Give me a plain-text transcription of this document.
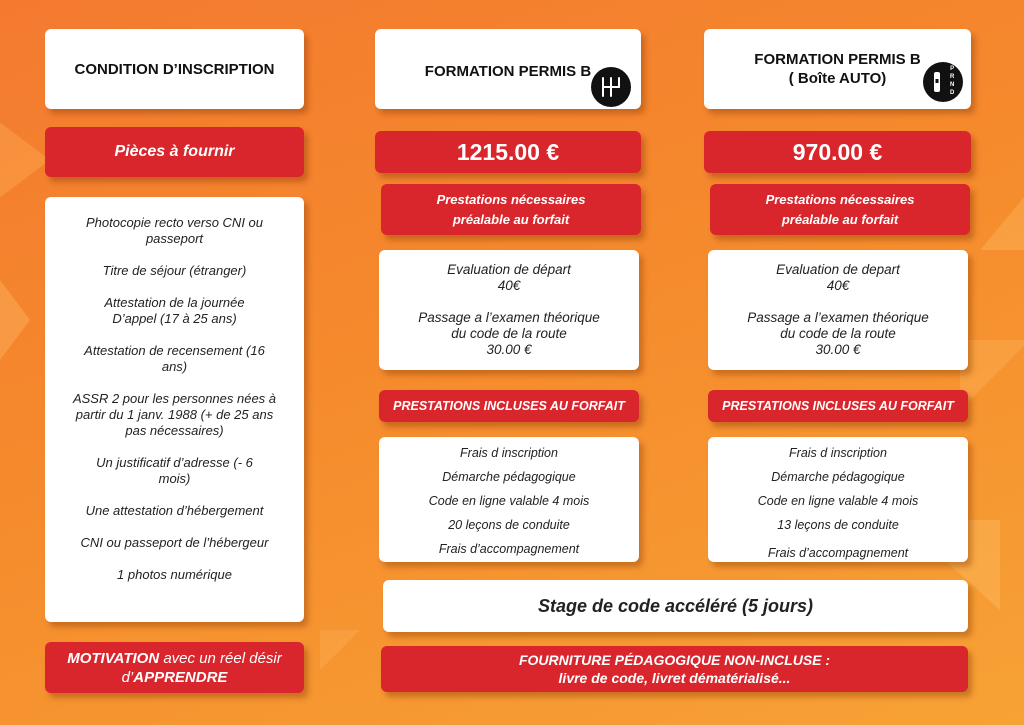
CONDITION D’INSCRIPTION
Pièces à fournir
Photocopie recto verso CNI ou passeport
Titre de séjour (étranger)
Attestation de la journée D’appel (17 à 25 ans)
Attestation de recensement (16 ans)
ASSR 2 pour les personnes nées à partir du 1 janv. 1988 (+ de 25 ans pas nécessaires)
Un justificatif d’adresse (- 6 mois)
Une attestation d’hébergement
CNI ou passeport de l’hébergeur
1 photos numérique
MOTIVATION avec un réel désir d’APPRENDRE
FORMATION PERMIS B
1215.00 €
Prestations nécessaires préalable au forfait
Evaluation de départ
40€
Passage a l’examen théorique du code de la route
30.00 €
PRESTATIONS INCLUSES AU FORFAIT
Frais d inscription
Démarche pédagogique
Code en ligne valable 4 mois
20 leçons de conduite
Frais d’accompagnement
FORMATION PERMIS B
( Boîte AUTO)
P
R
N
D
970.00 €
Prestations nécessaires préalable au forfait
Evaluation de depart
40€
Passage a l’examen théorique du code de la route
30.00 €
PRESTATIONS INCLUSES AU FORFAIT
Frais d inscription
Démarche pédagogique
Code en ligne valable 4 mois
13 leçons de conduite
Frais d’accompagnement
Stage de code accéléré (5 jours)
FOURNITURE PÉDAGOGIQUE NON-INCLUSE :
livre de code, livret dématérialisé...
